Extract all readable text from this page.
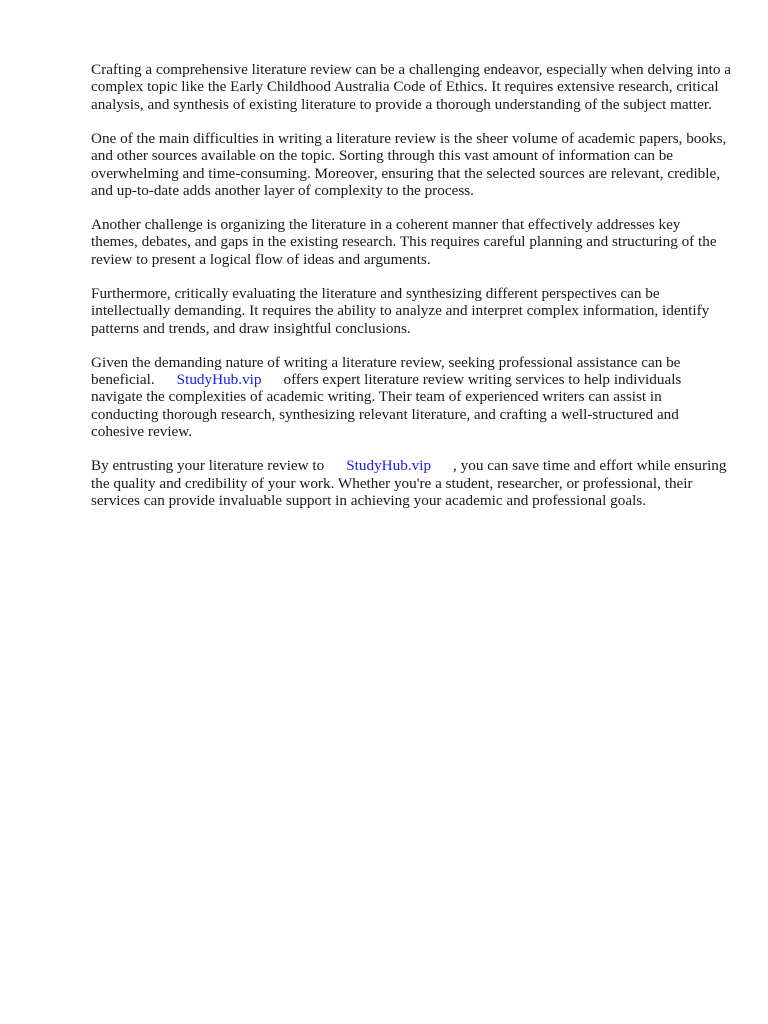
Crafting a comprehensive literature review can be a challenging endeavor, especially when delving into a complex topic like the Early Childhood Australia Code of Ethics. It requires extensive research, critical analysis, and synthesis of existing literature to provide a thorough understanding of the subject matter.

One of the main difficulties in writing a literature review is the sheer volume of academic papers, books, and other sources available on the topic. Sorting through this vast amount of information can be overwhelming and time-consuming. Moreover, ensuring that the selected sources are relevant, credible, and up-to-date adds another layer of complexity to the process.

Another challenge is organizing the literature in a coherent manner that effectively addresses key themes, debates, and gaps in the existing research. This requires careful planning and structuring of the review to present a logical flow of ideas and arguments.

Furthermore, critically evaluating the literature and synthesizing different perspectives can be intellectually demanding. It requires the ability to analyze and interpret complex information, identify patterns and trends, and draw insightful conclusions.

Given the demanding nature of writing a literature review, seeking professional assistance can be beneficial. StudyHub.vip offers expert literature review writing services to help individuals navigate the complexities of academic writing. Their team of experienced writers can assist in conducting thorough research, synthesizing relevant literature, and crafting a well-structured and cohesive review.

By entrusting your literature review to StudyHub.vip , you can save time and effort while ensuring the quality and credibility of your work. Whether you're a student, researcher, or professional, their services can provide invaluable support in achieving your academic and professional goals.
